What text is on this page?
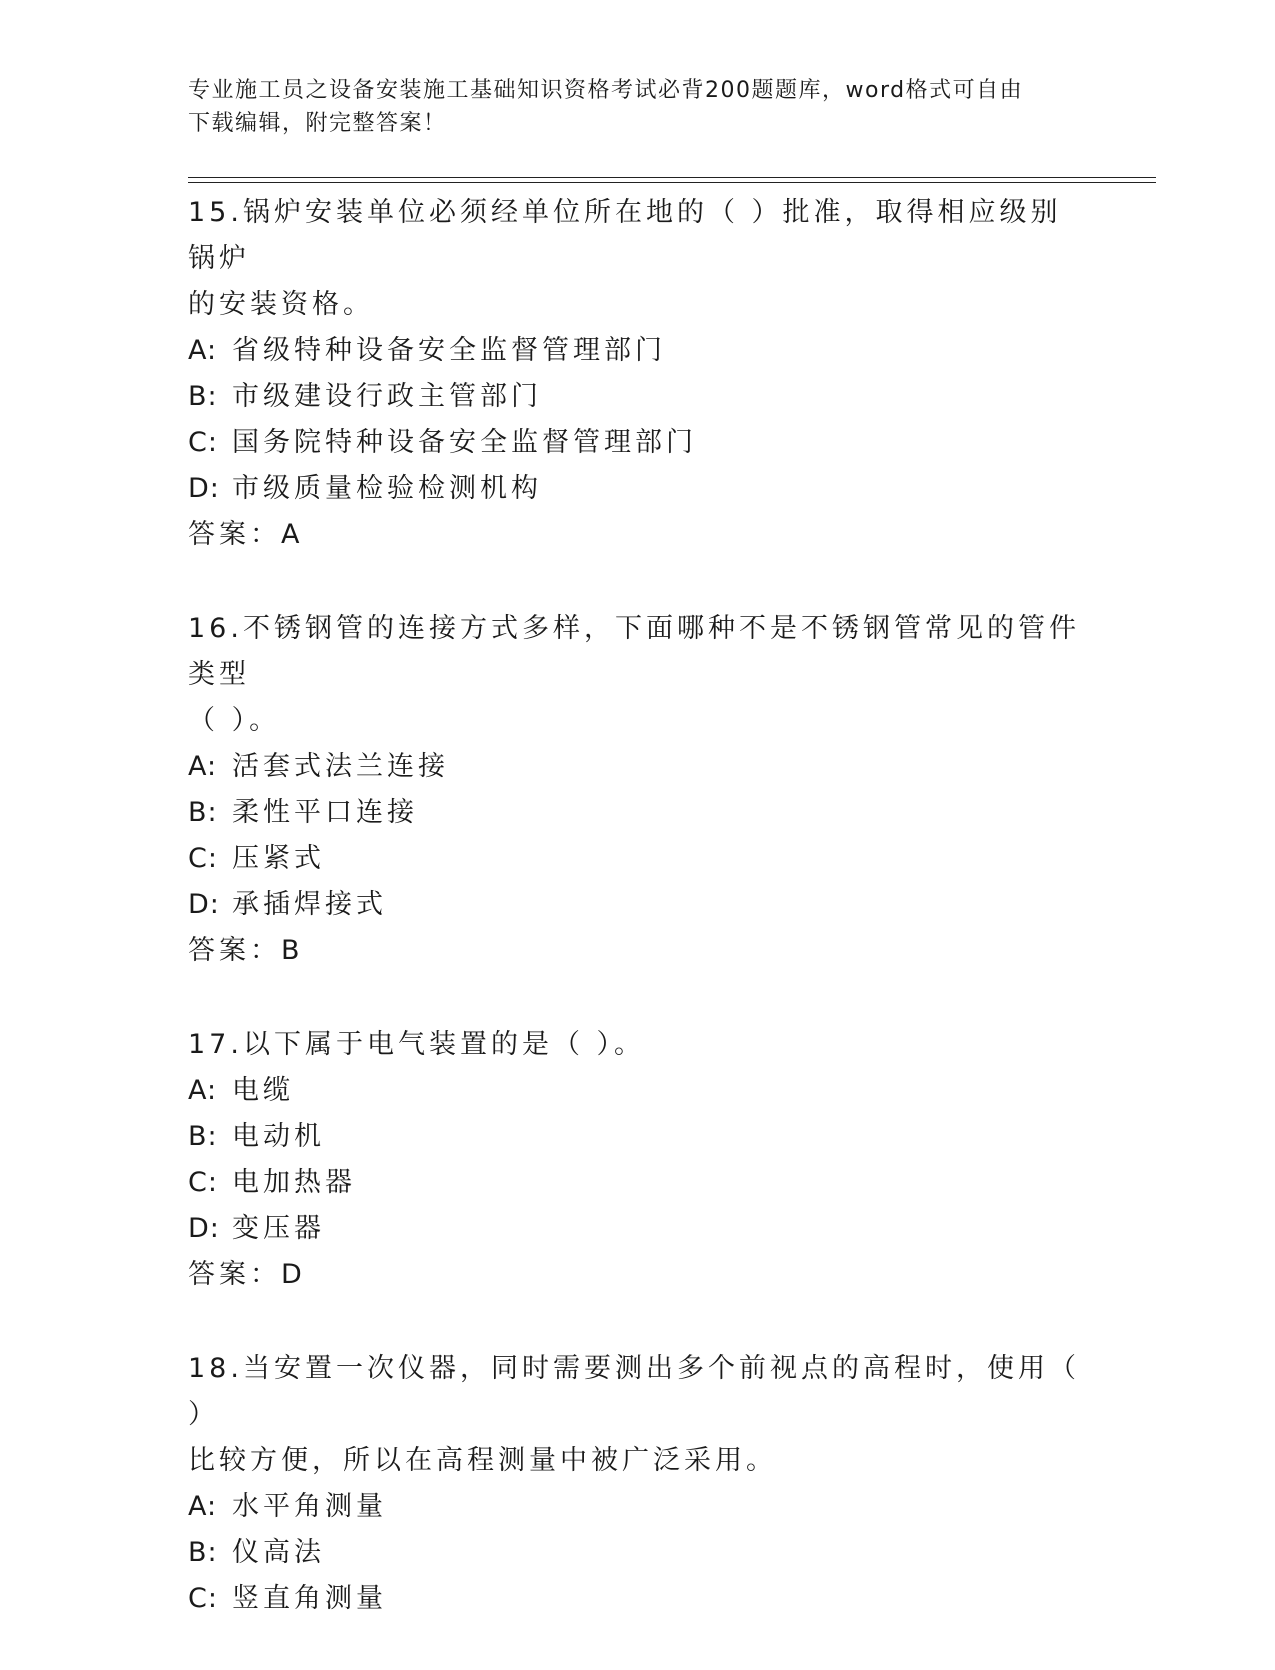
专业施工员之设备安装施工基础知识资格考试必背200题题库，word格式可自由
下载编辑，附完整答案！

15.锅炉安装单位必须经单位所在地的（ ）批准，取得相应级别锅炉

的安装资格。

A: 省级特种设备安全监督管理部门

B: 市级建设行政主管部门

C: 国务院特种设备安全监督管理部门

D: 市级质量检验检测机构

答案：A

16.不锈钢管的连接方式多样，下面哪种不是不锈钢管常见的管件类型

（ ）。

A: 活套式法兰连接

B: 柔性平口连接

C: 压紧式

D: 承插焊接式

答案：B

17.以下属于电气装置的是（ ）。

A: 电缆

B: 电动机

C: 电加热器

D: 变压器

答案：D

18.当安置一次仪器，同时需要测出多个前视点的高程时，使用（ ）

比较方便，所以在高程测量中被广泛采用。

A: 水平角测量

B: 仪高法

C: 竖直角测量
